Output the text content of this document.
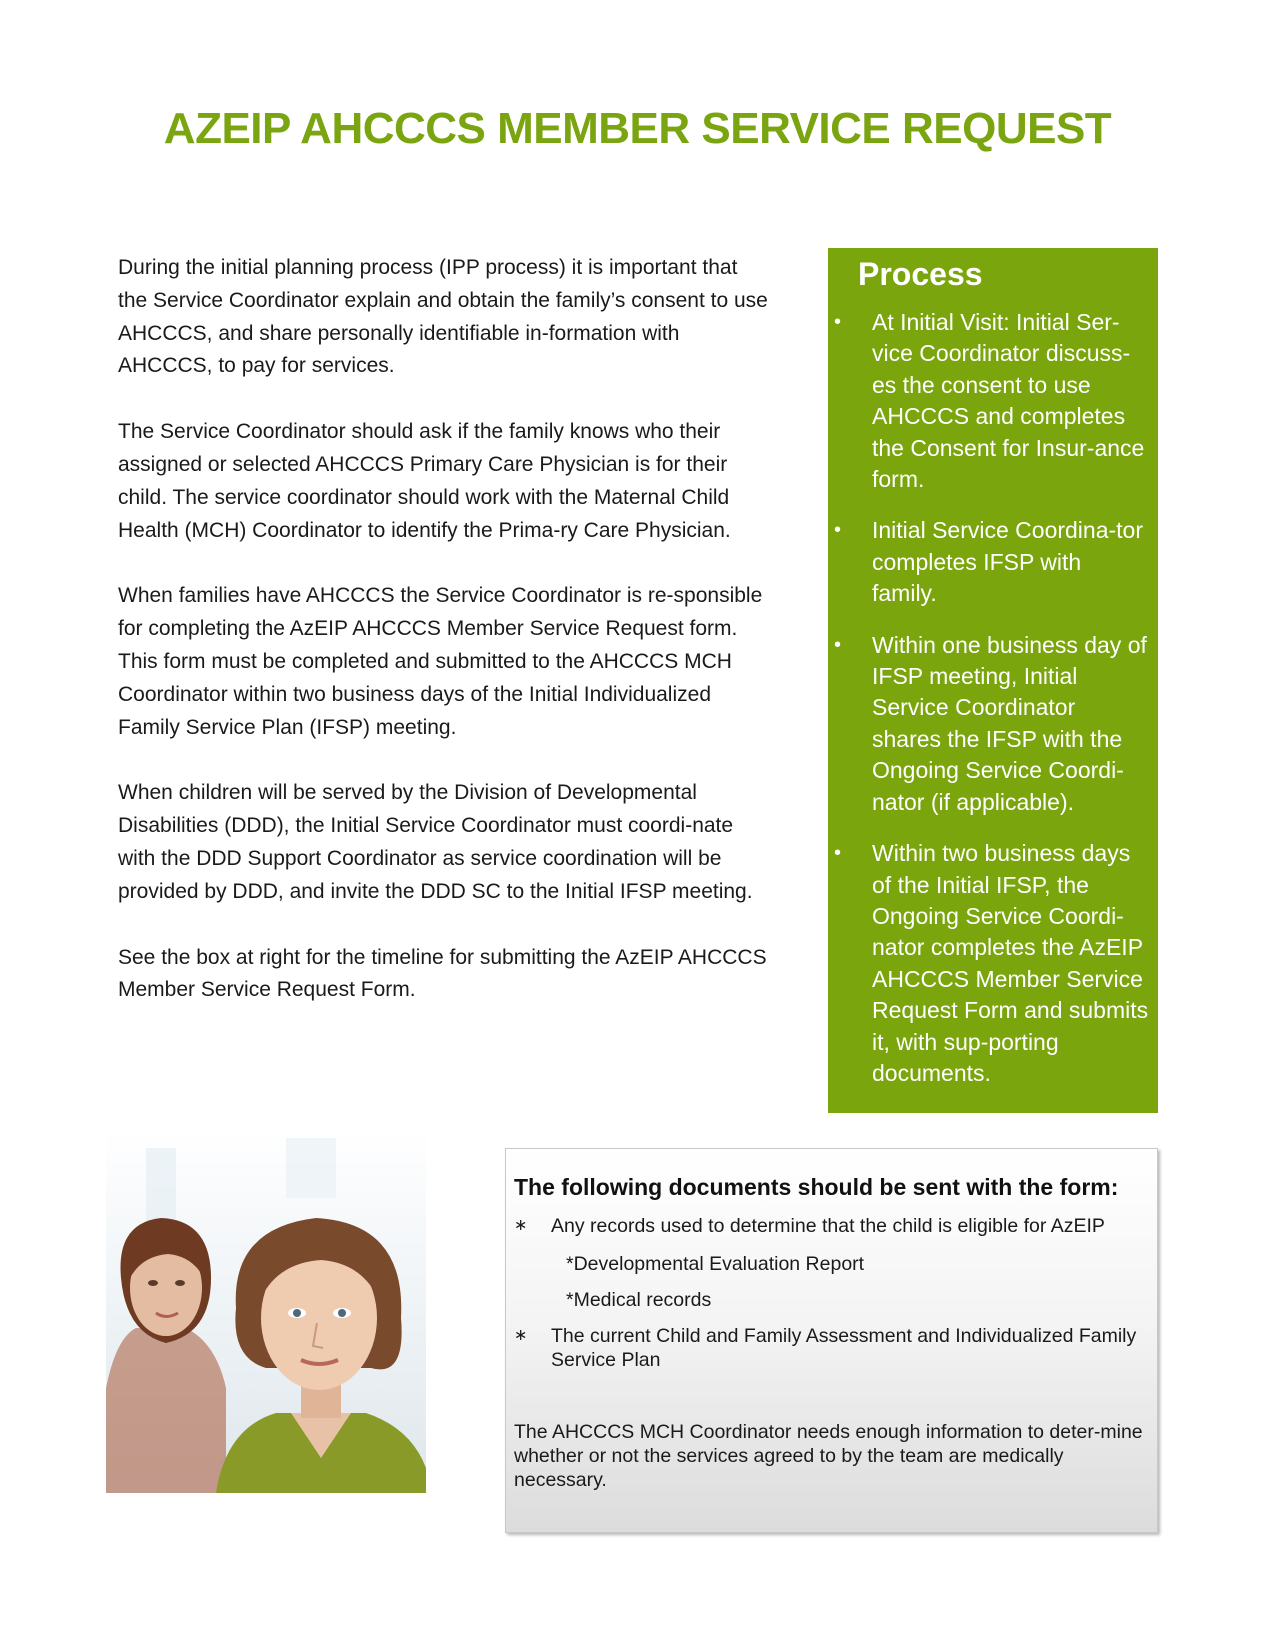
AZEIP AHCCCS MEMBER SERVICE REQUEST

During the initial planning process (IPP process) it is important that the Service Coordinator explain and obtain the family’s consent to use AHCCCS, and share personally identifiable in-formation with AHCCCS, to pay for services.

The Service Coordinator should ask if the family knows who their assigned or selected AHCCCS Primary Care Physician is for their child. The service coordinator should work with the Maternal Child Health (MCH) Coordinator to identify the Prima-ry Care Physician.

When families have AHCCCS the Service Coordinator is re-sponsible for completing the AzEIP AHCCCS Member Service Request form. This form must be completed and submitted to the AHCCCS MCH Coordinator within two business days of the Initial Individualized Family Service Plan (IFSP) meeting.

When children will be served by the Division of Developmental Disabilities (DDD), the Initial Service Coordinator must coordi-nate with the DDD Support Coordinator as service coordination will be provided by DDD, and invite the DDD SC to the Initial IFSP meeting.

See the box at right for the timeline for submitting the AzEIP AHCCCS Member Service Request Form.

Process
• At Initial Visit: Initial Ser-vice Coordinator discuss-es the consent to use AHCCCS and completes the Consent for Insur-ance form.
• Initial Service Coordina-tor completes IFSP with family.
• Within one business day of IFSP meeting, Initial Service Coordinator shares the IFSP with the Ongoing Service Coordi-nator (if applicable).
• Within two business days of the Initial IFSP, the Ongoing Service Coordi-nator completes the AzEIP AHCCCS Member Service Request Form and submits it, with sup-porting documents.
The following documents should be sent with the form:
∗ Any records used to determine that the child is eligible for AzEIP

*Developmental Evaluation Report

*Medical records

∗ The current Child and Family Assessment and Individualized Family Service Plan

The AHCCCS MCH Coordinator needs enough information to deter-mine whether or not the services agreed to by the team are medically necessary.
